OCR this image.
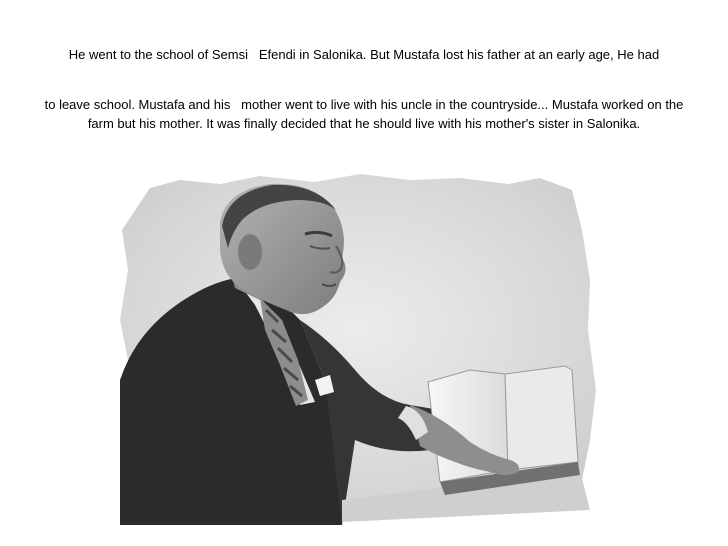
He went to the school of Semsi   Efendi in Salonika. But Mustafa lost his father at an early age, He had
to leave school. Mustafa and his   mother went to live with his uncle in the countryside... Mustafa worked on the farm but his mother. It was finally decided that he should live with his mother's sister in Salonika.
